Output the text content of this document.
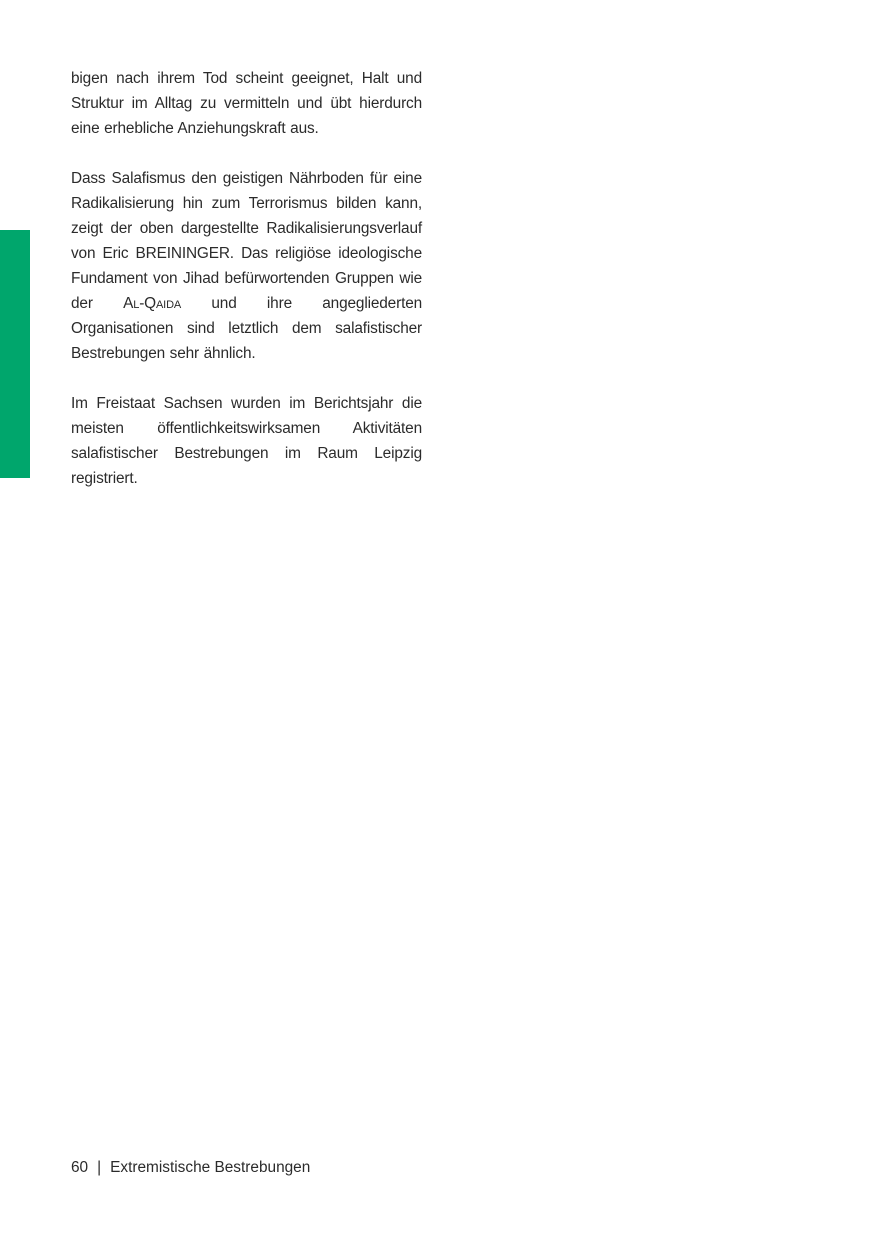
bigen nach ihrem Tod scheint geeignet, Halt und Struktur im Alltag zu vermitteln und übt hierdurch eine erhebliche Anziehungskraft aus.

Dass Salafismus den geistigen Nährboden für eine Radikalisierung hin zum Terrorismus bilden kann, zeigt der oben dargestellte Radikalisierungsverlauf von Eric BREININGER. Das religiöse ideologische Fundament von Jihad befürwortenden Gruppen wie der Al-Qaida und ihre angegliederten Organisationen sind letztlich dem salafistischer Bestrebungen sehr ähnlich.

Im Freistaat Sachsen wurden im Berichtsjahr die meisten öffentlichkeitswirksamen Aktivitäten salafistischer Bestrebungen im Raum Leipzig registriert.

60 | Extremistische Bestrebungen
